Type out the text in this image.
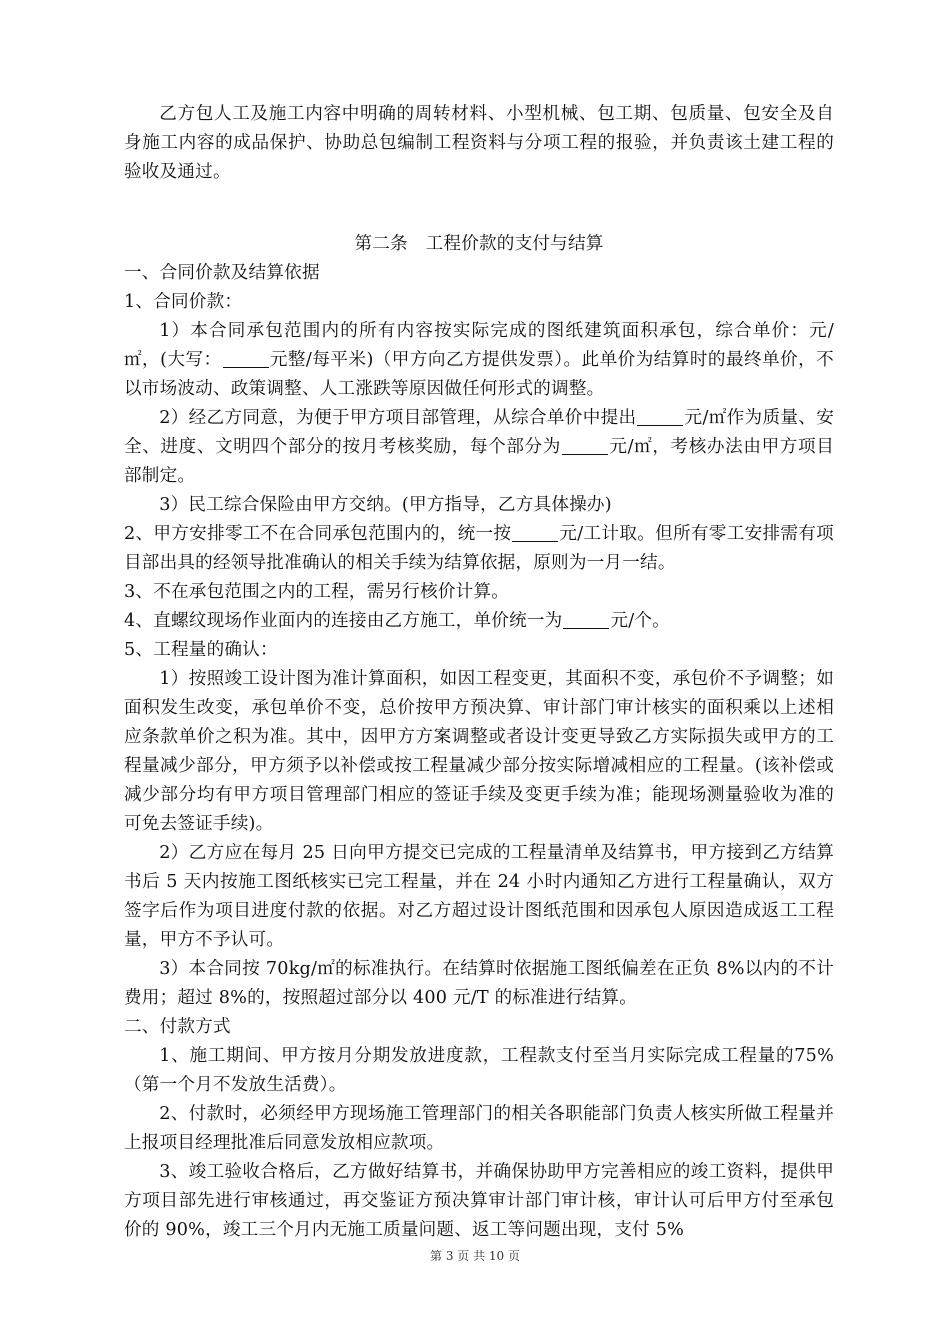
乙方包人工及施工内容中明确的周转材料、小型机械、包工期、包质量、包安全及自身施工内容的成品保护、协助总包编制工程资料与分项工程的报验，并负责该土建工程的验收及通过。

第二条　工程价款的支付与结算

一、合同价款及结算依据

1、合同价款：

1）本合同承包范围内的所有内容按实际完成的图纸建筑面积承包，综合单价：元/㎡，(大写：	元整/每平米)（甲方向乙方提供发票）。此单价为结算时的最终单价，不以市场波动、政策调整、人工涨跌等原因做任何形式的调整。

2）经乙方同意，为便于甲方项目部管理，从综合单价中提出	元/㎡作为质量、安全、进度、文明四个部分的按月考核奖励，每个部分为	元/㎡，考核办法由甲方项目部制定。

3）民工综合保险由甲方交纳。(甲方指导，乙方具体操办)

2、甲方安排零工不在合同承包范围内的，统一按	元/工计取。但所有零工安排需有项目部出具的经领导批准确认的相关手续为结算依据，原则为一月一结。

3、不在承包范围之内的工程，需另行核价计算。

4、直螺纹现场作业面内的连接由乙方施工，单价统一为	元/个。

5、工程量的确认：

1）按照竣工设计图为准计算面积，如因工程变更，其面积不变，承包价不予调整；如面积发生改变，承包单价不变，总价按甲方预决算、审计部门审计核实的面积乘以上述相应条款单价之积为准。其中，因甲方方案调整或者设计变更导致乙方实际损失或甲方的工程量减少部分，甲方须予以补偿或按工程量减少部分按实际增减相应的工程量。(该补偿或减少部分均有甲方项目管理部门相应的签证手续及变更手续为准；能现场测量验收为准的可免去签证手续)。

2）乙方应在每月 25 日向甲方提交已完成的工程量清单及结算书，甲方接到乙方结算书后 5 天内按施工图纸核实已完工程量，并在 24 小时内通知乙方进行工程量确认，双方签字后作为项目进度付款的依据。对乙方超过设计图纸范围和因承包人原因造成返工工程量，甲方不予认可。

3）本合同按 70kg/㎡的标准执行。在结算时依据施工图纸偏差在正负 8%以内的不计费用；超过 8%的，按照超过部分以 400 元/T 的标准进行结算。

二、付款方式

1、施工期间、甲方按月分期发放进度款，工程款支付至当月实际完成工程量的75%（第一个月不发放生活费）。

2、付款时，必须经甲方现场施工管理部门的相关各职能部门负责人核实所做工程量并上报项目经理批准后同意发放相应款项。

3、竣工验收合格后，乙方做好结算书，并确保协助甲方完善相应的竣工资料，提供甲方项目部先进行审核通过，再交鉴证方预决算审计部门审计核，审计认可后甲方付至承包价的 90%，竣工三个月内无施工质量问题、返工等问题出现，支付 5%

第 3 页 共 10 页
